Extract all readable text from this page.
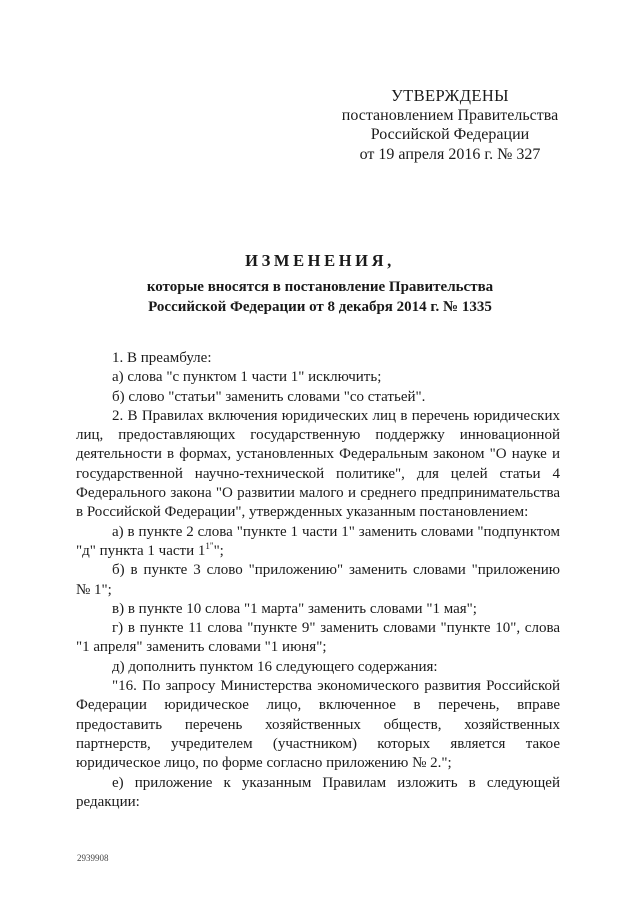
УТВЕРЖДЕНЫ
постановлением Правительства
Российской Федерации
от 19 апреля 2016 г. № 327
ИЗМЕНЕНИЯ,
которые вносятся в постановление Правительства
Российской Федерации от 8 декабря 2014 г. № 1335

1. В преамбуле:

а) слова "с пунктом 1 части 1" исключить;

б) слово "статьи" заменить словами "со статьей".

2. В Правилах включения юридических лиц в перечень юридических лиц, предоставляющих государственную поддержку инновационной деятельности в формах, установленных Федеральным законом "О науке и государственной научно-технической политике", для целей статьи 4 Федерального закона "О развитии малого и среднего предпринимательства в Российской Федерации", утвержденных указанным постановлением:

а) в пункте 2 слова "пункте 1 части 1" заменить словами "подпунктом "д" пункта 1 части $1^{1"}$";

б) в пункте 3 слово "приложению" заменить словами "приложению № 1";

в) в пункте 10 слова "1 марта" заменить словами "1 мая";

г) в пункте 11 слова "пункте 9" заменить словами "пункте 10", слова "1 апреля" заменить словами "1 июня";

д) дополнить пунктом 16 следующего содержания:

"16. По запросу Министерства экономического развития Российской Федерации юридическое лицо, включенное в перечень, вправе предоставить перечень хозяйственных обществ, хозяйственных партнерств, учредителем (участником) которых является такое юридическое лицо, по форме согласно приложению № 2.";

е) приложение к указанным Правилам изложить в следующей редакции:

2939908
